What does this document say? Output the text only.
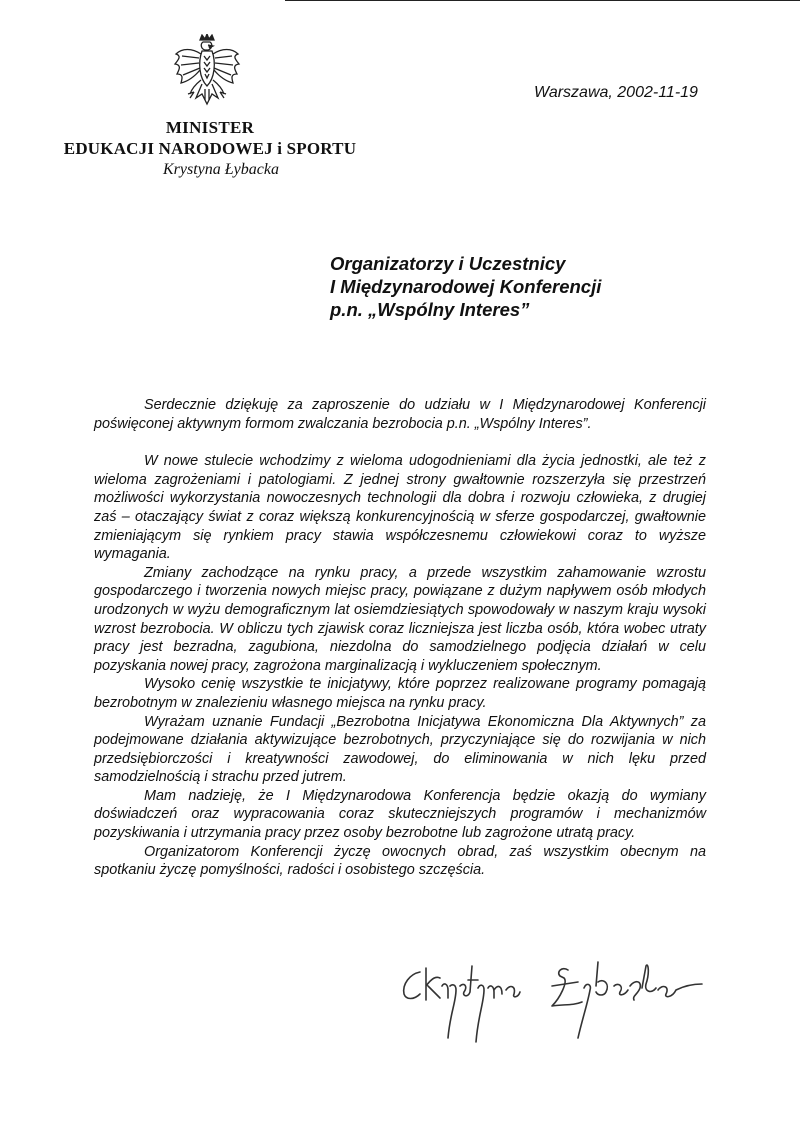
Warszawa, 2002-11-19
MINISTER
EDUKACJI NARODOWEJ i SPORTU
Krystyna Łybacka
Organizatorzy i Uczestnicy
I Międzynarodowej Konferencji
p.n. „Wspólny Interes”

Serdecznie dziękuję za zaproszenie do udziału w I Międzynarodowej Konferencji poświęconej aktywnym formom zwalczania bezrobocia p.n. „Wspólny Interes”.

W nowe stulecie wchodzimy z wieloma udogodnieniami dla życia jednostki, ale też z wieloma zagrożeniami i patologiami. Z jednej strony gwałtownie rozszerzyła się przestrzeń możliwości wykorzystania nowoczesnych technologii dla dobra i rozwoju człowieka, z drugiej zaś – otaczający świat z coraz większą konkurencyjnością w sferze gospodarczej, gwałtownie zmieniającym się rynkiem pracy stawia współczesnemu człowiekowi coraz to wyższe wymagania.

Zmiany zachodzące na rynku pracy, a przede wszystkim zahamowanie wzrostu gospodarczego i tworzenia nowych miejsc pracy, powiązane z dużym napływem osób młodych urodzonych w wyżu demograficznym lat osiemdziesiątych spowodowały w naszym kraju wysoki wzrost bezrobocia. W obliczu tych zjawisk coraz liczniejsza jest liczba osób, która wobec utraty pracy jest bezradna, zagubiona, niezdolna do samodzielnego podjęcia działań w celu pozyskania nowej pracy, zagrożona marginalizacją i wykluczeniem społecznym.

Wysoko cenię wszystkie te inicjatywy, które poprzez realizowane programy pomagają bezrobotnym w znalezieniu własnego miejsca na rynku pracy.

Wyrażam uznanie Fundacji „Bezrobotna Inicjatywa Ekonomiczna Dla Aktywnych” za podejmowane działania aktywizujące bezrobotnych, przyczyniające się do rozwijania w nich przedsiębiorczości i kreatywności zawodowej, do eliminowania w nich lęku przed samodzielnością i strachu przed jutrem.

Mam nadzieję, że I Międzynarodowa Konferencja będzie okazją do wymiany doświadczeń oraz wypracowania coraz skuteczniejszych programów i mechanizmów pozyskiwania i utrzymania pracy przez osoby bezrobotne lub zagrożone utratą pracy.

Organizatorom Konferencji życzę owocnych obrad, zaś wszystkim obecnym na spotkaniu życzę pomyślności, radości i osobistego szczęścia.
